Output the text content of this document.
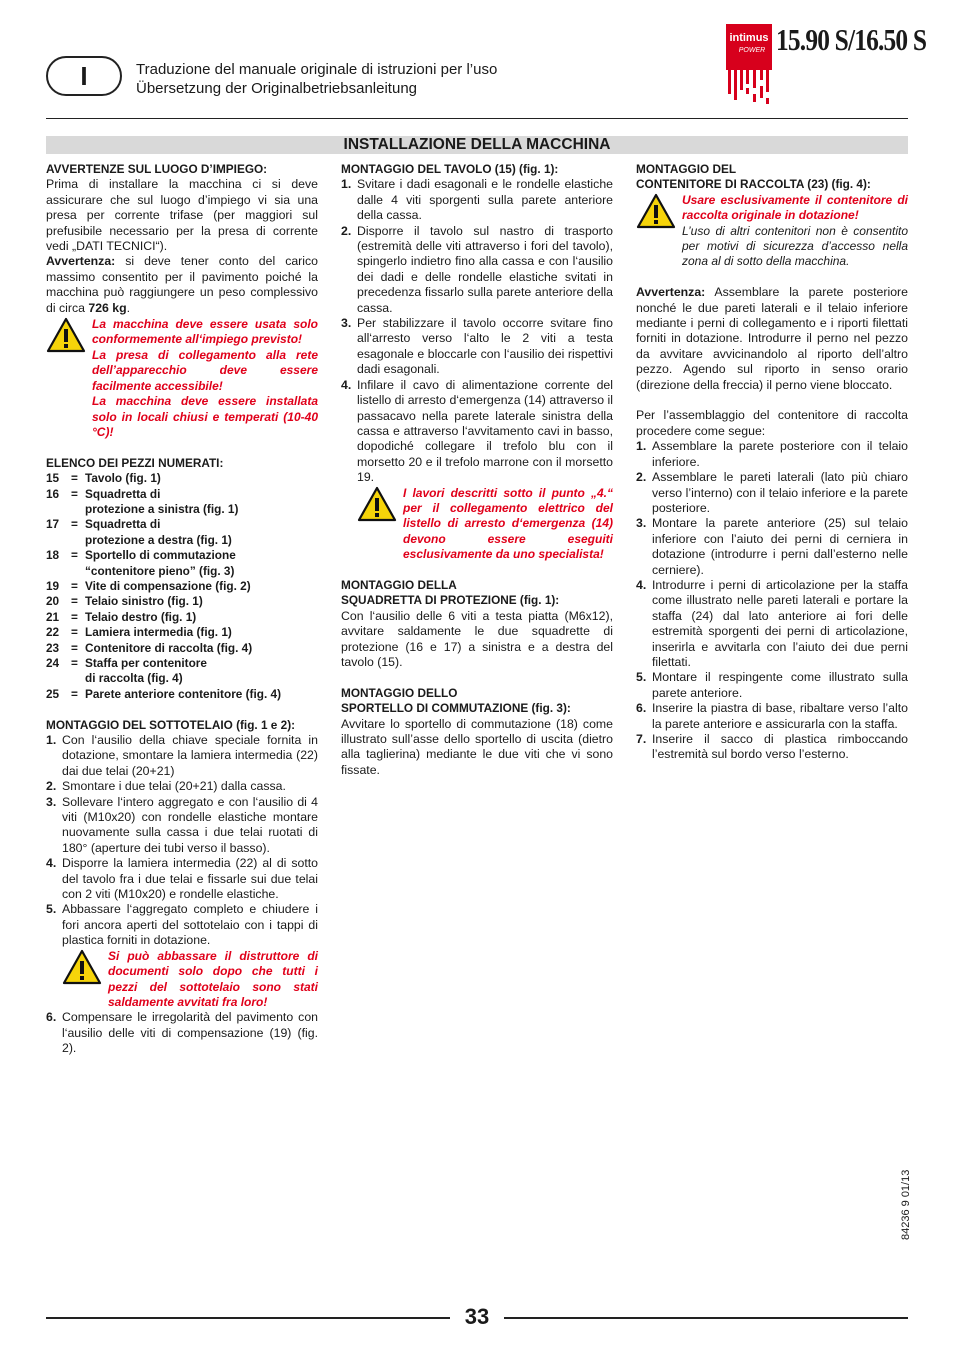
I	Traduzione del manuale originale di istruzioni per l’uso
Übersetzung der Originalbetriebsanleitung
intimus
POWER 15.90 S/16.50 S
INSTALLAZIONE DELLA MACCHINA

AVVERTENZE SUL LUOGO D’IMPIEGO:

Prima di installare la macchina ci si deve assicurare che sul luogo d’impiego vi sia una presa per corrente trifase (per maggiori sul prefusibile necessario per la presa di corrente vedi „DATI TECNICI“).

Avvertenza: si deve tener conto del carico massimo consentito per il pavimento poiché la macchina può raggiungere un peso complessivo di circa 726 kg.

La macchina deve essere usata solo conformemente all‘impiego previsto!

La presa di collegamento alla rete dell’apparecchio deve essere facilmente accessibile!

La macchina deve essere installata solo in locali chiusi e temperati (10-40 °C)!

ELENCO DEI PEZZI NUMERATI:

15	= Tavolo (fig. 1)
16	= Squadretta di
protezione a sinistra (fig. 1)
17	= Squadretta di
protezione a destra (fig. 1)
18	= Sportello di commutazione
“contenitore pieno” (fig. 3)
19	= Vite di compensazione (fig. 2)
20	= Telaio sinistro (fig. 1)
21	= Telaio destro (fig. 1)
22	= Lamiera intermedia (fig. 1)
23	= Contenitore di raccolta (fig. 4)
24	= Staffa per contenitore
di raccolta (fig. 4)
25	= Parete anteriore contenitore (fig. 4)

MONTAGGIO DEL SOTTOTELAIO (fig. 1 e 2):

1. Con l‘ausilio della chiave speciale fornita in dotazione, smontare la lamiera intermedia (22) dai due telai (20+21)
2. Smontare i due telai (20+21) dalla cassa.
3. Sollevare l‘intero aggregato e con l‘ausilio di 4 viti (M10x20) con rondelle elastiche montare nuovamente sulla cassa i due telai ruotati di 180° (aperture dei tubi verso il basso).
4. Disporre la lamiera intermedia (22) al di sotto del tavolo fra i due telai e fissarle sui due telai con 2 viti (M10x20) e rondelle elastiche.
5. Abbassare l‘aggregato completo e chiudere i fori ancora aperti del sottotelaio con i tappi di plastica forniti in dotazione.

Si può abbassare il distruttore di documenti solo dopo che tutti i pezzi del sottotelaio sono stati saldamente avvitati fra loro!

6. Compensare le irregolarità del pavimento con l‘ausilio delle viti di compensazione (19) (fig. 2).

MONTAGGIO DEL TAVOLO (15) (fig. 1):

1. Svitare i dadi esagonali e le rondelle elastiche dalle 4 viti sporgenti sulla parete anteriore della cassa.
2. Disporre il tavolo sul nastro di trasporto (estremità delle viti attraverso i fori del tavolo), spingerlo indietro fino alla cassa e con l‘ausilio dei dadi e delle rondelle elastiche svitati in precedenza fissarlo sulla parete anteriore della cassa.
3. Per stabilizzare il tavolo occorre svitare fino all‘arresto verso l‘alto le 2 viti a testa esagonale e bloccarle con l‘ausilio dei rispettivi dadi esagonali.
4. Infilare il cavo di alimentazione corrente del listello di arresto d‘emergenza (14) attraverso il passacavo nella parete laterale sinistra della cassa e attraverso l‘avvitamento cavi in basso, dopodiché collegare il trefolo blu con il morsetto 20 e il trefolo marrone con il morsetto 19.

I lavori descritti sotto il punto „4.“ per il collegamento elettrico del listello di arresto d‘emergenza (14) devono essere eseguiti esclusivamente da uno specialista!

MONTAGGIO DELLA

SQUADRETTA DI PROTEZIONE (fig. 1):

Con l‘ausilio delle 6 viti a testa piatta (M6x12), avvitare saldamente le due squadrette di protezione (16 e 17) a sinistra e a destra del tavolo (15).

MONTAGGIO DELLO

SPORTELLO DI COMMUTAZIONE (fig. 3):

Avvitare lo sportello di commutazione (18) come illustrato sull’asse dello sportello di uscita (dietro alla taglierina) mediante le due viti che vi sono fissate.

MONTAGGIO DEL

CONTENITORE DI RACCOLTA (23) (fig. 4):

Usare esclusivamente il contenitore di raccolta originale in dotazione!

L’uso di altri contenitori non è consentito per motivi di sicurezza d’accesso nella zona al di sotto della macchina.

Avvertenza: Assemblare la parete posteriore nonché le due pareti laterali e il telaio inferiore mediante i perni di collegamento e i riporti filettati forniti in dotazione. Introdurre il perno nel pezzo da avvitare avvicinandolo al riporto dell’altro pezzo. Agendo sul riporto in senso orario (direzione della freccia) il perno viene bloccato.

Per l’assemblaggio del contenitore di raccolta procedere come segue:

1. Assemblare la parete posteriore con il telaio inferiore.
2. Assemblare le pareti laterali (lato più chiaro verso l’interno) con il telaio inferiore e la parete posteriore.
3. Montare la parete anteriore (25) sul telaio inferiore con l’aiuto dei perni di cerniera in dotazione (introdurre i perni dall’esterno nelle cerniere).
4. Introdurre i perni di articolazione per la staffa come illustrato nelle pareti laterali e portare la staffa (24) dal lato anteriore ai fori delle estremità sporgenti dei perni di articolazione, inserirla e avvitarla con l’aiuto dei due perni filettati.
5. Montare il respingente come illustrato sulla parete anteriore.
6. Inserire la piastra di base, ribaltare verso l’alto la parete anteriore e assicurarla con la staffa.
7. Inserire il sacco di plastica rimboccando l’estremità sul bordo verso l’esterno.
84236 9 01/13
33
